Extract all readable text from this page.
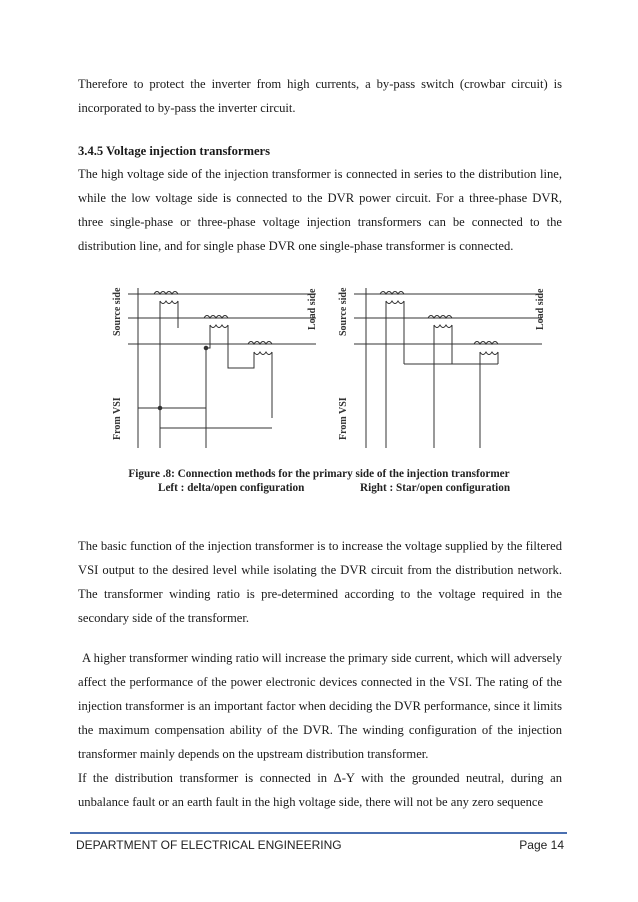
Therefore to protect the inverter from high currents, a by-pass switch (crowbar circuit) is incorporated to by-pass the inverter circuit.

3.4.5 Voltage injection transformers

The high voltage side of the injection transformer is connected in series to the distribution line, while the low voltage side is connected to the DVR power circuit. For a three-phase DVR, three single-phase or three-phase voltage injection transformers can be connected to the distribution line, and for single phase DVR one single-phase transformer is connected.

Source side	Load side
From VSI
Source side	Load side
From VSI

Figure .8: Connection methods for the primary side of the injection transformer

Left : delta/open configuration	Right : Star/open configuration

The basic function of the injection transformer is to increase the voltage supplied by the filtered VSI output to the desired level while isolating the DVR circuit from the distribution network. The transformer winding ratio is pre-determined according to the voltage required in the secondary side of the transformer.

A higher transformer winding ratio will increase the primary side current, which will adversely affect the performance of the power electronic devices connected in the VSI. The rating of the injection transformer is an important factor when deciding the DVR performance, since it limits the maximum compensation ability of the DVR. The winding configuration of the injection transformer mainly depends on the upstream distribution transformer.

If the distribution transformer is connected in Δ-Y with the grounded neutral, during an unbalance fault or an earth fault in the high voltage side, there will not be any zero sequence

DEPARTMENT OF ELECTRICAL ENGINEERING	Page 14
